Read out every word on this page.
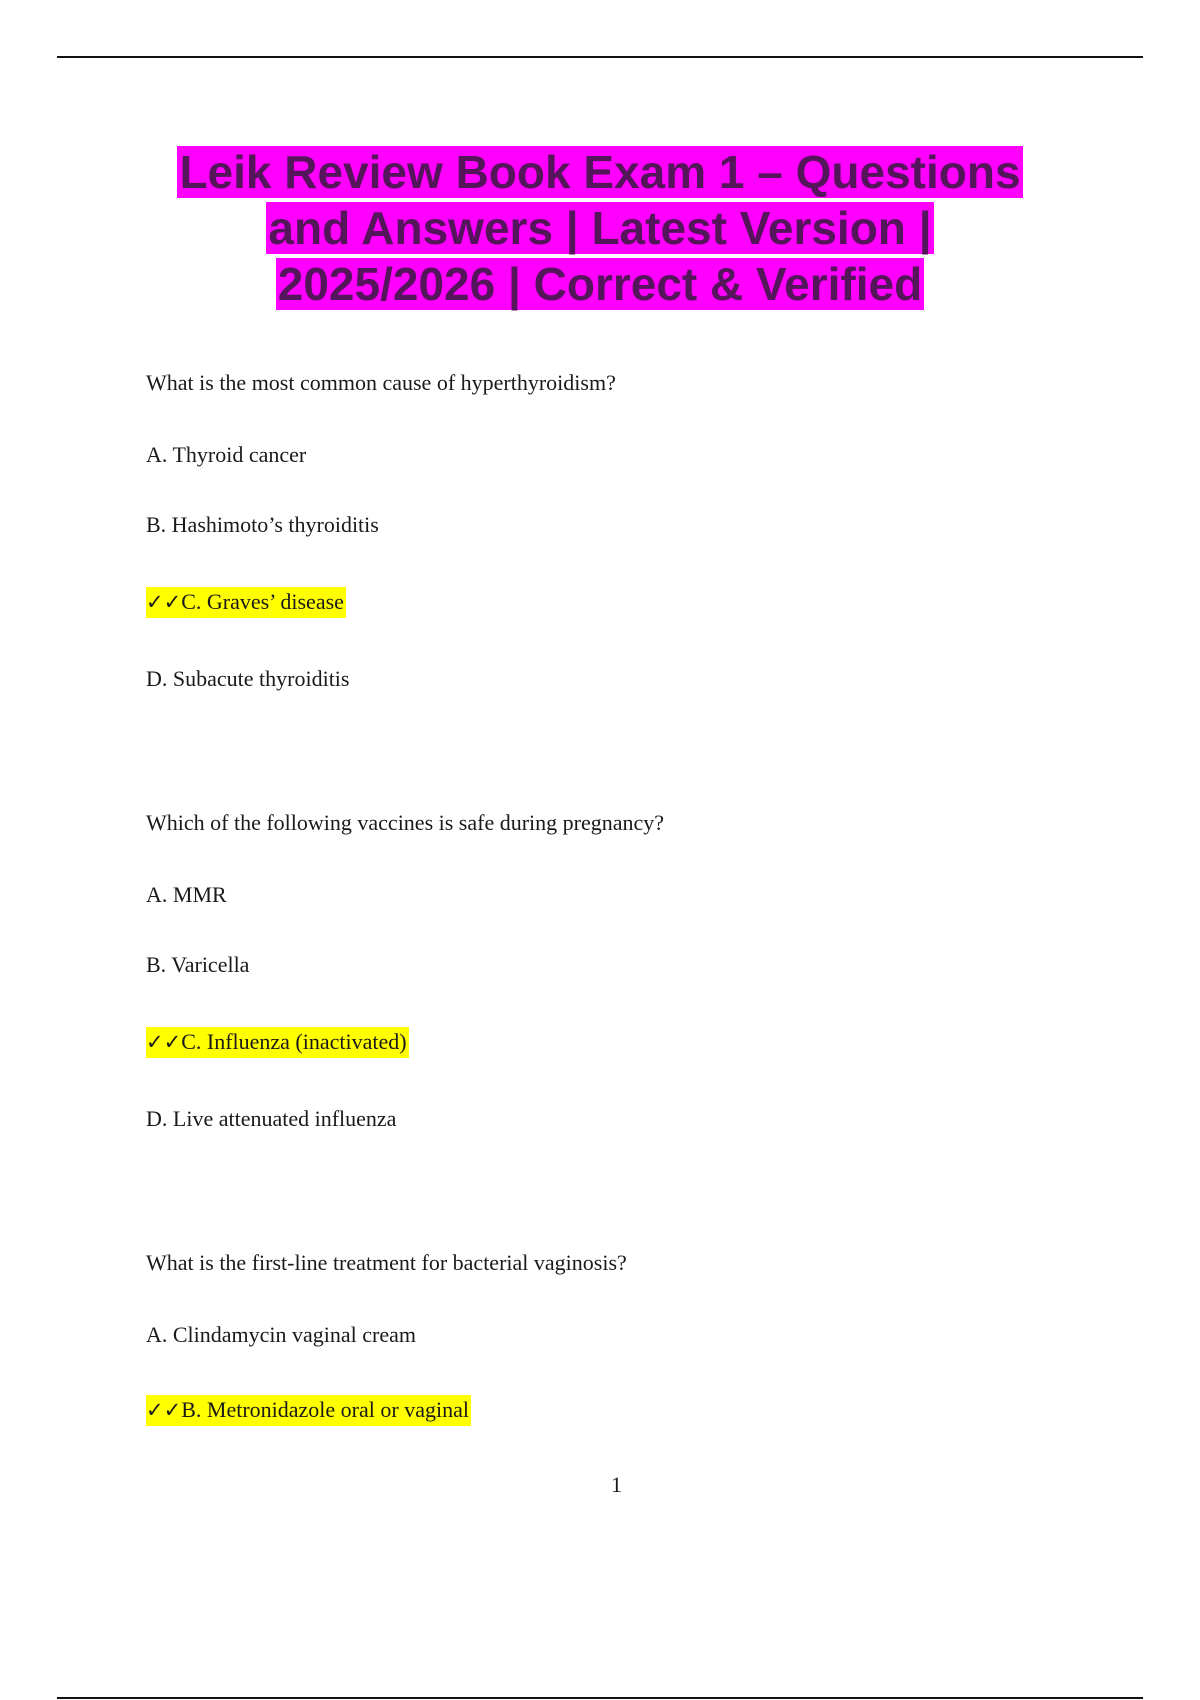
Leik Review Book Exam 1 – Questions
and Answers | Latest Version |
2025/2026 | Correct & Verified
What is the most common cause of hyperthyroidism?
A. Thyroid cancer
B. Hashimoto’s thyroiditis
✓✓C. Graves’ disease
D. Subacute thyroiditis
Which of the following vaccines is safe during pregnancy?
A. MMR
B. Varicella
✓✓C. Influenza (inactivated)
D. Live attenuated influenza
What is the first-line treatment for bacterial vaginosis?
A. Clindamycin vaginal cream
✓✓B. Metronidazole oral or vaginal
1
